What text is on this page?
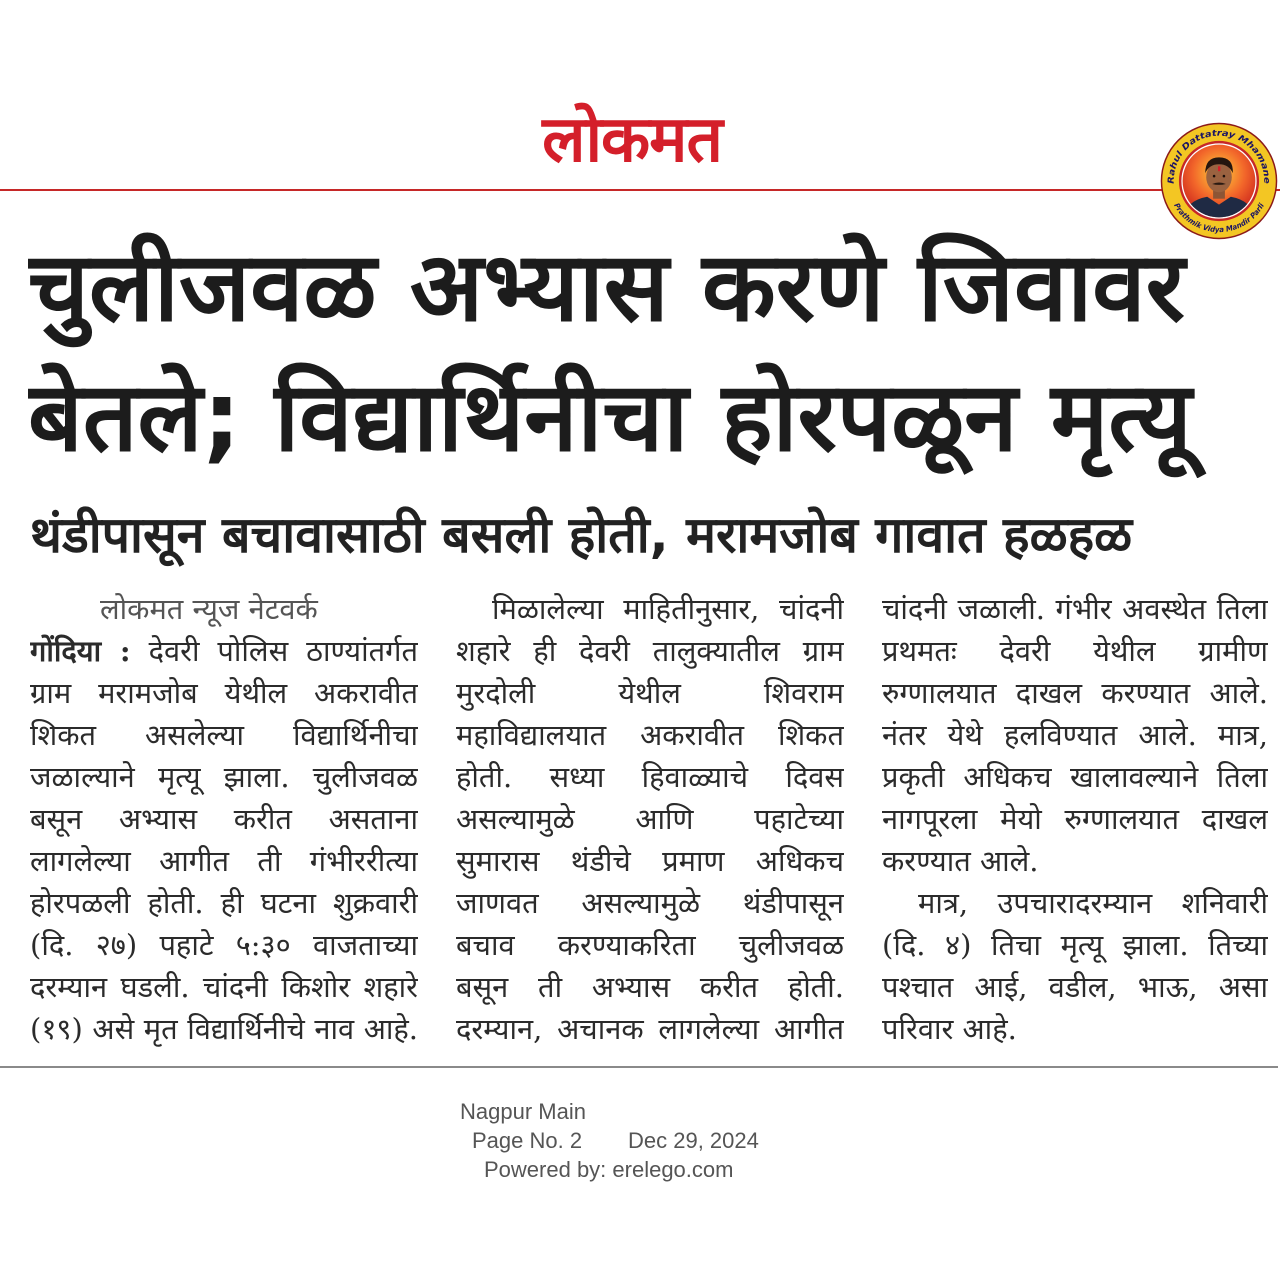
लोकमत
Rahul Dattatray Mhamane
Prathmik Vidya Mandir Parli
चुलीजवळ अभ्यास करणे जिवावर
बेतले; विद्यार्थिनीचा होरपळून मृत्यू
थंडीपासून बचावासाठी बसली होती, मरामजोब गावात हळहळ
लोकमत न्यूज नेटवर्क
गोंदिया : देवरी पोलिस ठाण्यांतर्गत
ग्राम मरामजोब येथील अकरावीत
शिकत असलेल्या विद्यार्थिनीचा
जळाल्याने मृत्यू झाला. चुलीजवळ
बसून अभ्यास करीत असताना
लागलेल्या आगीत ती गंभीररीत्या
होरपळली होती. ही घटना शुक्रवारी
(दि. २७) पहाटे ५:३० वाजताच्या
दरम्यान घडली. चांदनी किशोर शहारे
(१९) असे मृत विद्यार्थिनीचे नाव आहे.
मिळालेल्या माहितीनुसार, चांदनी
शहारे ही देवरी तालुक्यातील ग्राम
मुरदोली येथील शिवराम
महाविद्यालयात अकरावीत शिकत
होती. सध्या हिवाळ्याचे दिवस
असल्यामुळे आणि पहाटेच्या
सुमारास थंडीचे प्रमाण अधिकच
जाणवत असल्यामुळे थंडीपासून
बचाव करण्याकरिता चुलीजवळ
बसून ती अभ्यास करीत होती.
दरम्यान, अचानक लागलेल्या आगीत
चांदनी जळाली. गंभीर अवस्थेत तिला
प्रथमतः देवरी येथील ग्रामीण
रुग्णालयात दाखल करण्यात आले.
नंतर येथे हलविण्यात आले. मात्र,
प्रकृती अधिकच खालावल्याने तिला
नागपूरला मेयो रुग्णालयात दाखल
करण्यात आले.
मात्र, उपचारादरम्यान शनिवारी
(दि. ४) तिचा मृत्यू झाला. तिच्या
पश्चात आई, वडील, भाऊ, असा
परिवार आहे.
Nagpur Main
Page No. 2 Dec 29, 2024
Powered by: erelego.com
